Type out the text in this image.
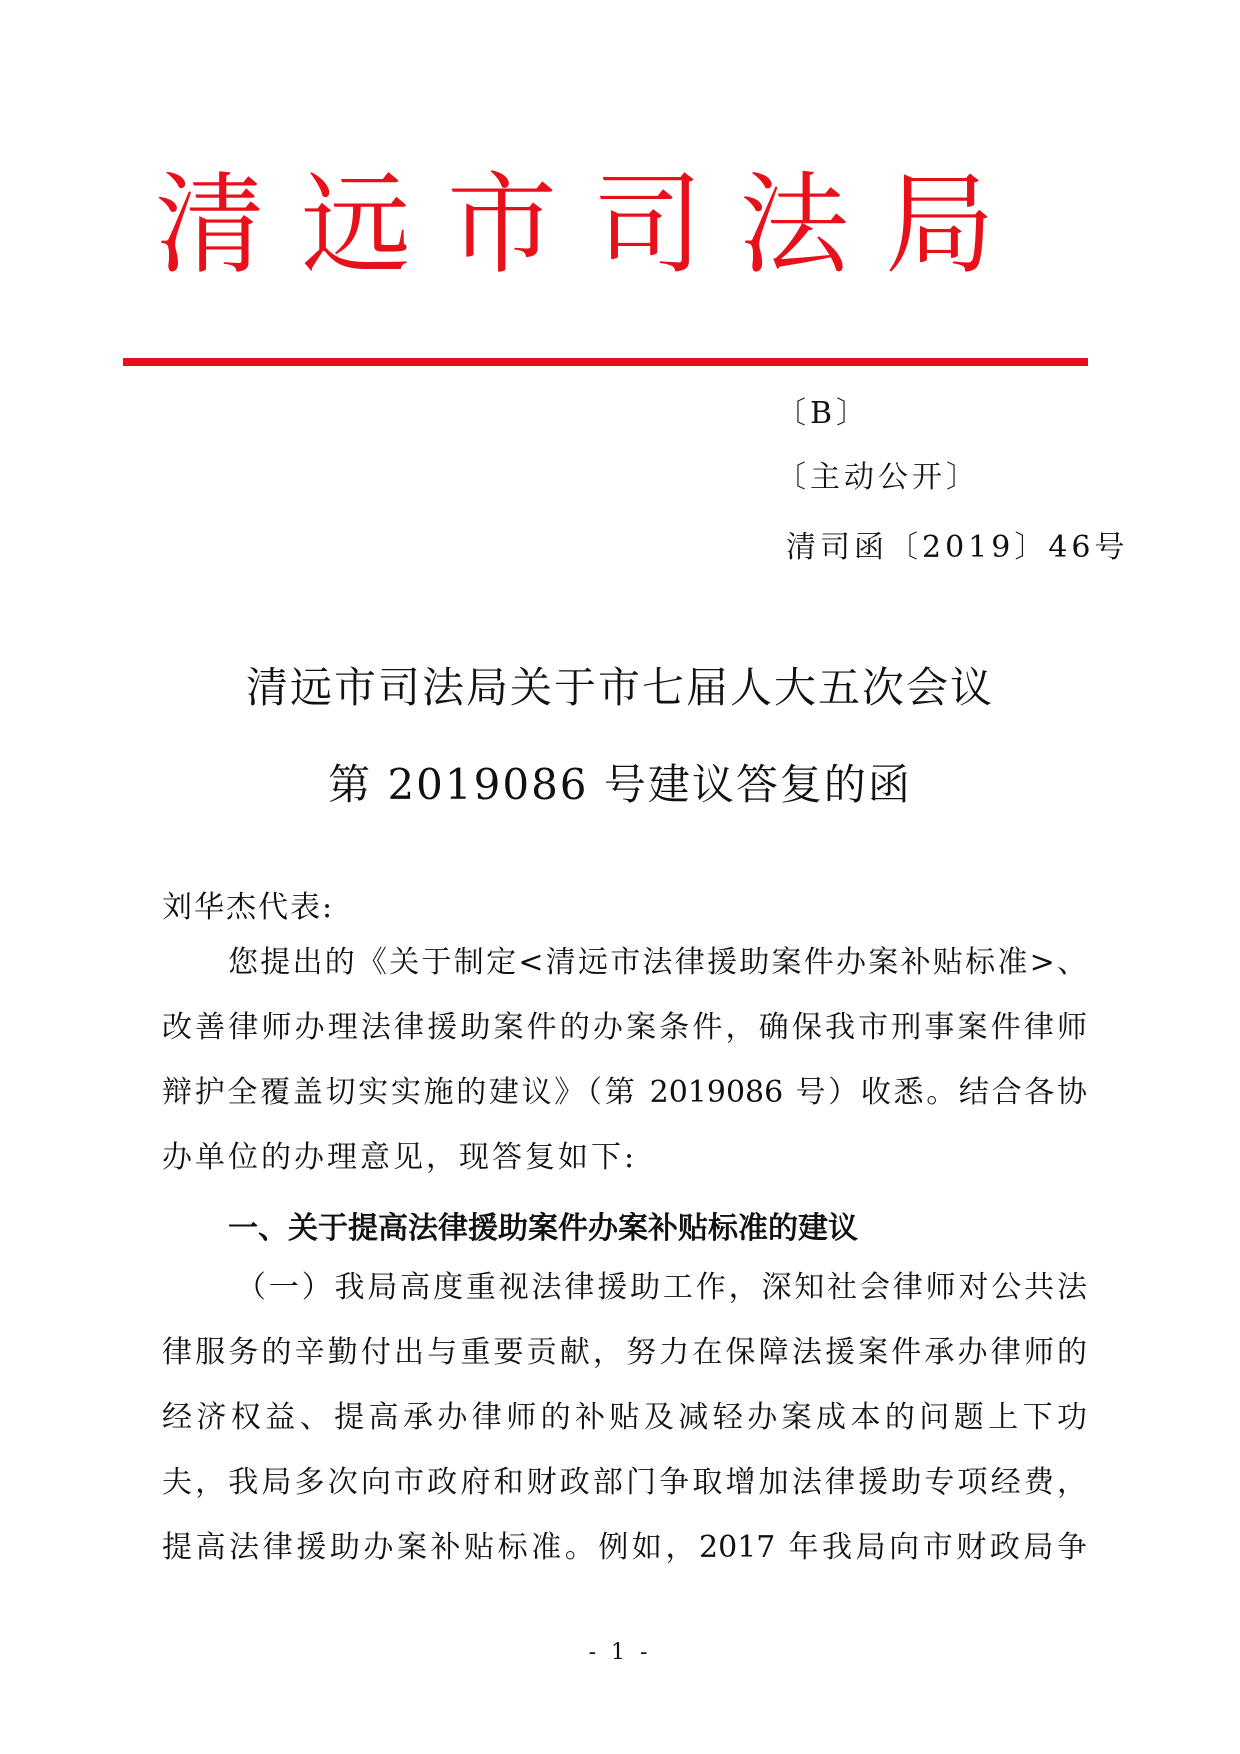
清远市司法局
〔B〕
〔主动公开〕
清司函〔2019〕46号
清远市司法局关于市七届人大五次会议
第 2019086 号建议答复的函
刘华杰代表:
您提出的《关于制定<清远市法律援助案件办案补贴标准>、
改善律师办理法律援助案件的办案条件，确保我市刑事案件律师
辩护全覆盖切实实施的建议》（第 2019086 号）收悉。结合各协
办单位的办理意见，现答复如下:
一、关于提高法律援助案件办案补贴标准的建议
（一）我局高度重视法律援助工作，深知社会律师对公共法
律服务的辛勤付出与重要贡献，努力在保障法援案件承办律师的
经济权益、提高承办律师的补贴及减轻办案成本的问题上下功
夫，我局多次向市政府和财政部门争取增加法律援助专项经费，
提高法律援助办案补贴标准。例如，2017 年我局向市财政局争
- 1 -
